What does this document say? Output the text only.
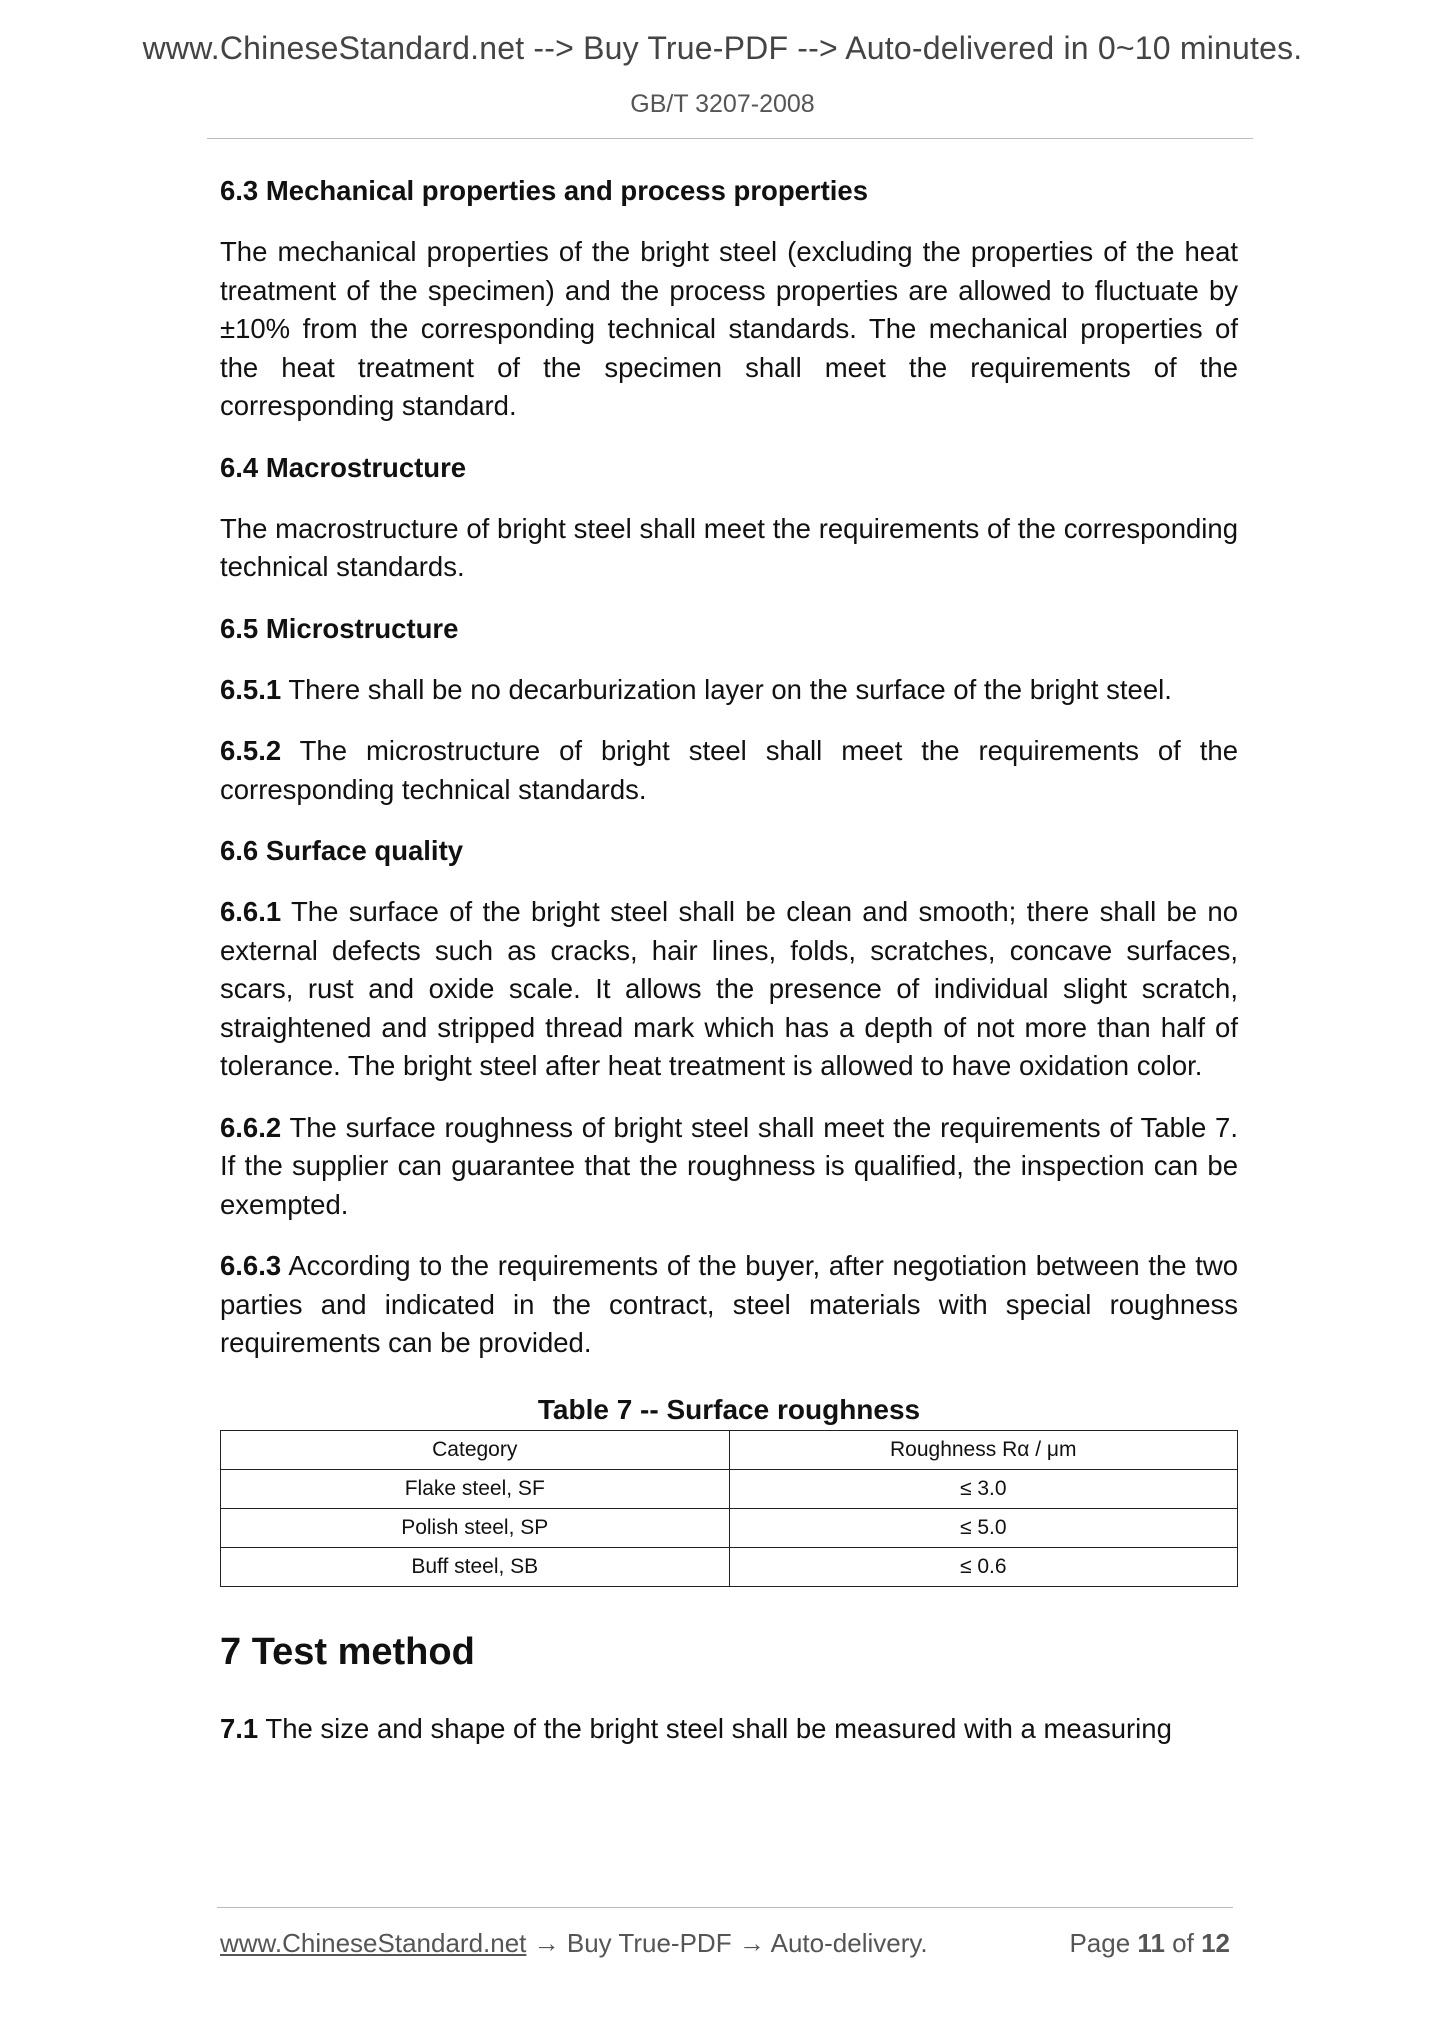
www.ChineseStandard.net --> Buy True-PDF --> Auto-delivered in 0~10 minutes.
GB/T 3207-2008

6.3 Mechanical properties and process properties

The mechanical properties of the bright steel (excluding the properties of the heat treatment of the specimen) and the process properties are allowed to fluctuate by ±10% from the corresponding technical standards. The mechanical properties of the heat treatment of the specimen shall meet the requirements of the corresponding standard.

6.4 Macrostructure

The macrostructure of bright steel shall meet the requirements of the corresponding technical standards.

6.5 Microstructure

6.5.1 There shall be no decarburization layer on the surface of the bright steel.

6.5.2 The microstructure of bright steel shall meet the requirements of the corresponding technical standards.

6.6 Surface quality

6.6.1 The surface of the bright steel shall be clean and smooth; there shall be no external defects such as cracks, hair lines, folds, scratches, concave surfaces, scars, rust and oxide scale. It allows the presence of individual slight scratch, straightened and stripped thread mark which has a depth of not more than half of tolerance. The bright steel after heat treatment is allowed to have oxidation color.

6.6.2 The surface roughness of bright steel shall meet the requirements of Table 7. If the supplier can guarantee that the roughness is qualified, the inspection can be exempted.

6.6.3 According to the requirements of the buyer, after negotiation between the two parties and indicated in the contract, steel materials with special roughness requirements can be provided.

Table 7 -- Surface roughness

Category	Roughness Rα / μm
Flake steel, SF	≤ 3.0
Polish steel, SP	≤ 5.0
Buff steel, SB	≤ 0.6

7 Test method

7.1 The size and shape of the bright steel shall be measured with a measuring

www.ChineseStandard.net → Buy True-PDF → Auto-delivery.	Page 11 of 12
